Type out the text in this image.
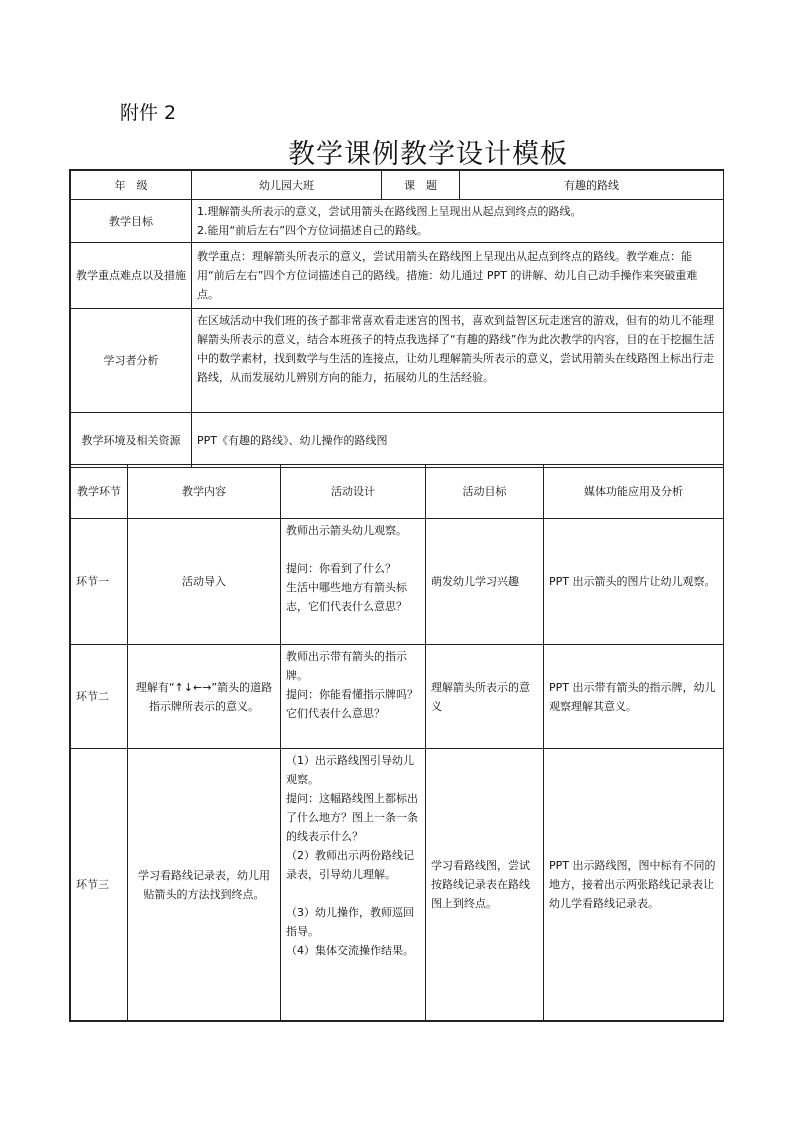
附件 2
教学课例教学设计模板
年　级	幼儿园大班	课　题	有趣的路线
教学目标	1.理解箭头所表示的意义，尝试用箭头在路线图上呈现出从起点到终点的路线。
2.能用“前后左右”四个方位词描述自己的路线。		
教学重点难点以及措施	教学重点：理解箭头所表示的意义，尝试用箭头在路线图上呈现出从起点到终点的路线。教学难点：能用“前后左右”四个方位词描述自己的路线。措施：幼儿通过 PPT 的讲解、幼儿自己动手操作来突破重难点。		
学习者分析	在区域活动中我们班的孩子都非常喜欢看走迷宫的图书，喜欢到益智区玩走迷宫的游戏，但有的幼儿不能理解箭头所表示的意义，结合本班孩子的特点我选择了“有趣的路线”作为此次教学的内容，目的在于挖掘生活中的数学素材，找到数学与生活的连接点，让幼儿理解箭头所表示的意义，尝试用箭头在线路图上标出行走路线，从而发展幼儿辨别方向的能力，拓展幼儿的生活经验。		
教学环境及相关资源	PPT《有趣的路线》、幼儿操作的路线图		
教学环节	教学内容	活动设计	活动目标	媒体功能应用及分析
环节一	活动导入	教师出示箭头幼儿观察。

提问：你看到了什么？
生活中哪些地方有箭头标志，它们代表什么意思？	萌发幼儿学习兴趣	PPT 出示箭头的图片让幼儿观察。
环节二	理解有“↑↓←→”箭头的道路指示牌所表示的意义。	教师出示带有箭头的指示牌。
提问：你能看懂指示牌吗？它们代表什么意思？	理解箭头所表示的意义	PPT 出示带有箭头的指示牌，幼儿观察理解其意义。
环节三	学习看路线记录表，幼儿用贴箭头的方法找到终点。	（1）出示路线图引导幼儿观察。
提问：这幅路线图上都标出了什么地方？图上一条一条的线表示什么？
（2）教师出示两份路线记录表，引导幼儿理解。

（3）幼儿操作，教师巡回指导。
（4）集体交流操作结果。	学习看路线图，尝试按路线记录表在路线图上到终点。	PPT 出示路线图，图中标有不同的地方，接着出示两张路线记录表让幼儿学看路线记录表。
